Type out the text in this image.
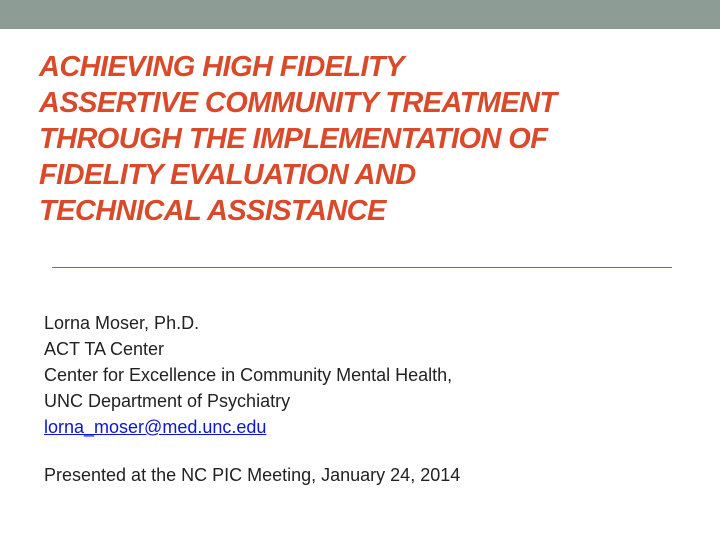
ACHIEVING HIGH FIDELITY
ASSERTIVE COMMUNITY TREATMENT
THROUGH THE IMPLEMENTATION OF
FIDELITY EVALUATION AND
TECHNICAL ASSISTANCE
Lorna Moser, Ph.D.
ACT TA Center
Center for Excellence in Community Mental Health,
UNC Department of Psychiatry
lorna_moser@med.unc.edu
Presented at the NC PIC Meeting, January 24, 2014
